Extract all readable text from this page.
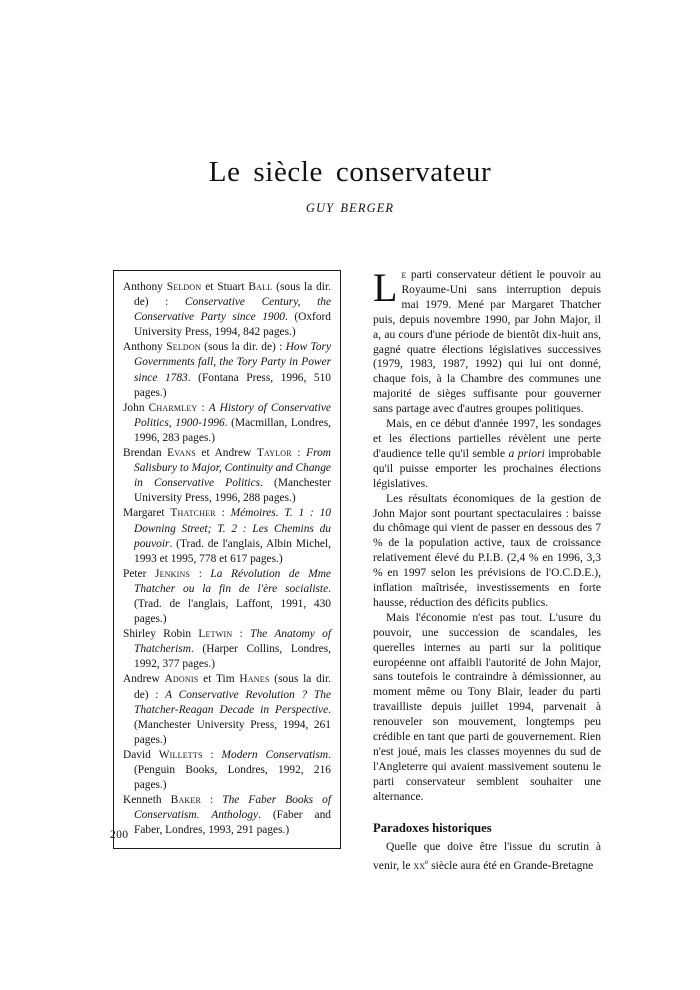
Le siècle conservateur
GUY BERGER

Anthony Seldon et Stuart Ball (sous la dir. de) : Conservative Century, the Conservative Party since 1900. (Oxford University Press, 1994, 842 pages.)

Anthony Seldon (sous la dir. de) : How Tory Governments fall, the Tory Party in Power since 1783. (Fontana Press, 1996, 510 pages.)

John Charmley : A History of Conservative Politics, 1900-1996. (Macmillan, Londres, 1996, 283 pages.)

Brendan Evans et Andrew Taylor : From Salisbury to Major, Continuity and Change in Conservative Politics. (Manchester University Press, 1996, 288 pages.)

Margaret Thatcher : Mémoires. T. 1 : 10 Downing Street; T. 2 : Les Chemins du pouvoir. (Trad. de l'anglais, Albin Michel, 1993 et 1995, 778 et 617 pages.)

Peter Jenkins : La Révolution de Mme Thatcher ou la fin de l'ère socialiste. (Trad. de l'anglais, Laffont, 1991, 430 pages.)

Shirley Robin Letwin : The Anatomy of Thatcherism. (Harper Collins, Londres, 1992, 377 pages.)

Andrew Adonis et Tim Hanes (sous la dir. de) : A Conservative Revolution ? The Thatcher-Reagan Decade in Perspective. (Manchester University Press, 1994, 261 pages.)

David Willetts : Modern Conservatism. (Penguin Books, Londres, 1992, 216 pages.)

Kenneth Baker : The Faber Books of Conservatism. Anthology. (Faber and Faber, Londres, 1993, 291 pages.)

Le parti conservateur détient le pouvoir au Royaume-Uni sans interruption depuis mai 1979. Mené par Margaret Thatcher puis, depuis novembre 1990, par John Major, il a, au cours d'une période de bientôt dix-huit ans, gagné quatre élections législatives successives (1979, 1983, 1987, 1992) qui lui ont donné, chaque fois, à la Chambre des communes une majorité de sièges suffisante pour gouverner sans partage avec d'autres groupes politiques.

Mais, en ce début d'année 1997, les sondages et les élections partielles révèlent une perte d'audience telle qu'il semble a priori improbable qu'il puisse emporter les prochaines élections législatives.

Les résultats économiques de la gestion de John Major sont pourtant spectaculaires : baisse du chômage qui vient de passer en dessous des 7 % de la population active, taux de croissance relativement élevé du P.I.B. (2,4 % en 1996, 3,3 % en 1997 selon les prévisions de l'O.C.D.E.), inflation maîtrisée, investissements en forte hausse, réduction des déficits publics.

Mais l'économie n'est pas tout. L'usure du pouvoir, une succession de scandales, les querelles internes au parti sur la politique européenne ont affaibli l'autorité de John Major, sans toutefois le contraindre à démissionner, au moment même ou Tony Blair, leader du parti travailliste depuis juillet 1994, parvenait à renouveler son mouvement, longtemps peu crédible en tant que parti de gouvernement. Rien n'est joué, mais les classes moyennes du sud de l'Angleterre qui avaient massivement soutenu le parti conservateur semblent souhaiter une alternance.

Paradoxes historiques

Quelle que doive être l'issue du scrutin à venir, le $xx^e$ siècle aura été en Grande-Bretagne

200
